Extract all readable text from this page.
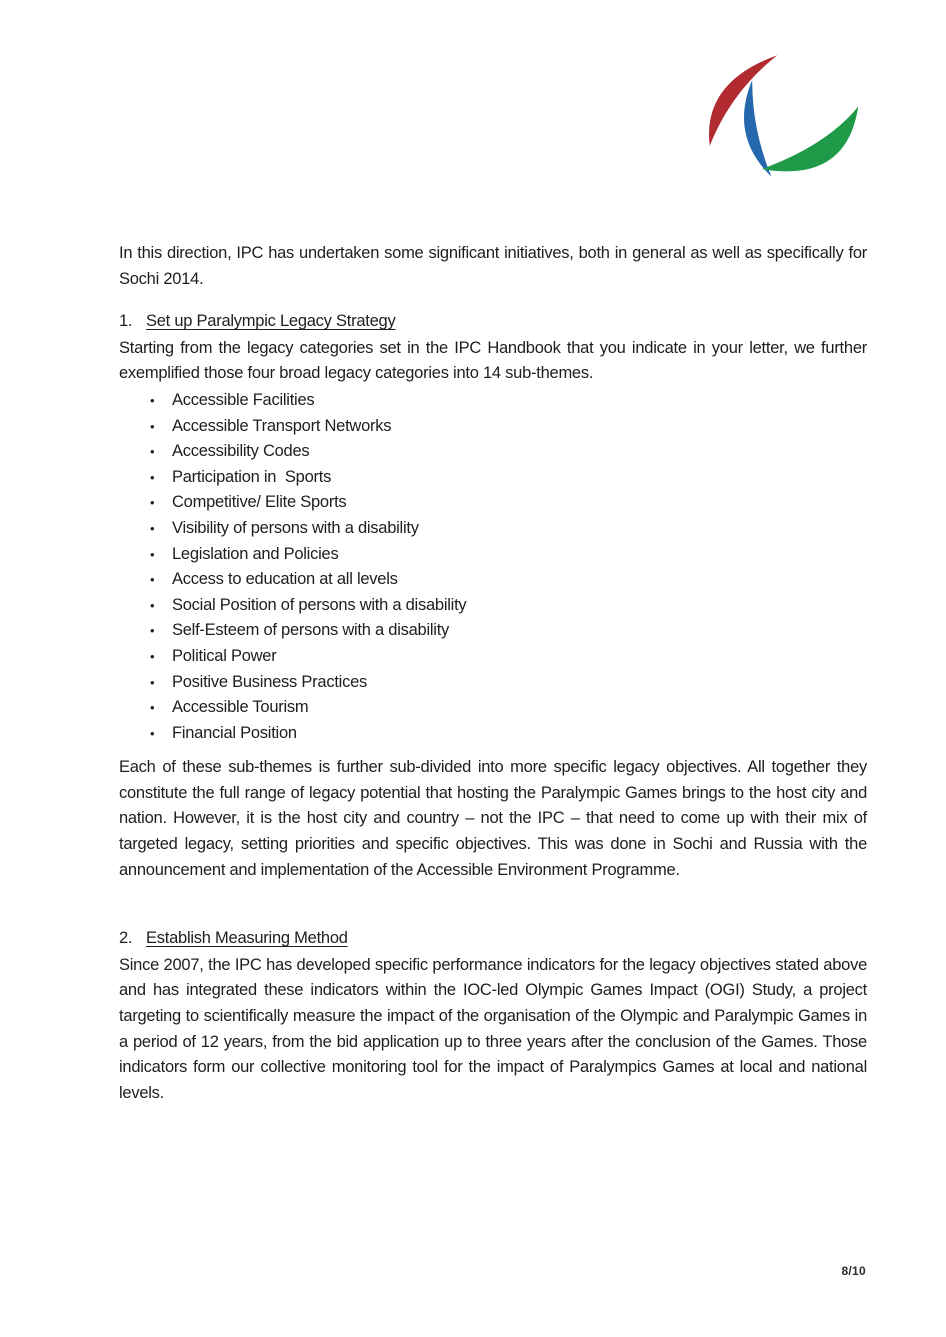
In this direction, IPC has undertaken some significant initiatives, both in general as well as specifically for Sochi 2014.

1. Set up Paralympic Legacy Strategy

Starting from the legacy categories set in the IPC Handbook that you indicate in your letter, we further exemplified those four broad legacy categories into 14 sub-themes.

• Accessible Facilities
• Accessible Transport Networks
• Accessibility Codes
• Participation in  Sports
• Competitive/ Elite Sports
• Visibility of persons with a disability
• Legislation and Policies
• Access to education at all levels
• Social Position of persons with a disability
• Self-Esteem of persons with a disability
• Political Power
• Positive Business Practices
• Accessible Tourism
• Financial Position

Each of these sub-themes is further sub-divided into more specific legacy objectives. All together they constitute the full range of legacy potential that hosting the Paralympic Games brings to the host city and nation. However, it is the host city and country – not the IPC – that need to come up with their mix of targeted legacy, setting priorities and specific objectives. This was done in Sochi and Russia with the announcement and implementation of the Accessible Environment Programme.

2. Establish Measuring Method

Since 2007, the IPC has developed specific performance indicators for the legacy objectives stated above and has integrated these indicators within the IOC-led Olympic Games Impact (OGI) Study, a project targeting to scientifically measure the impact of the organisation of the Olympic and Paralympic Games in a period of 12 years, from the bid application up to three years after the conclusion of the Games. Those indicators form our collective monitoring tool for the impact of Paralympics Games at local and national levels.

8/10
